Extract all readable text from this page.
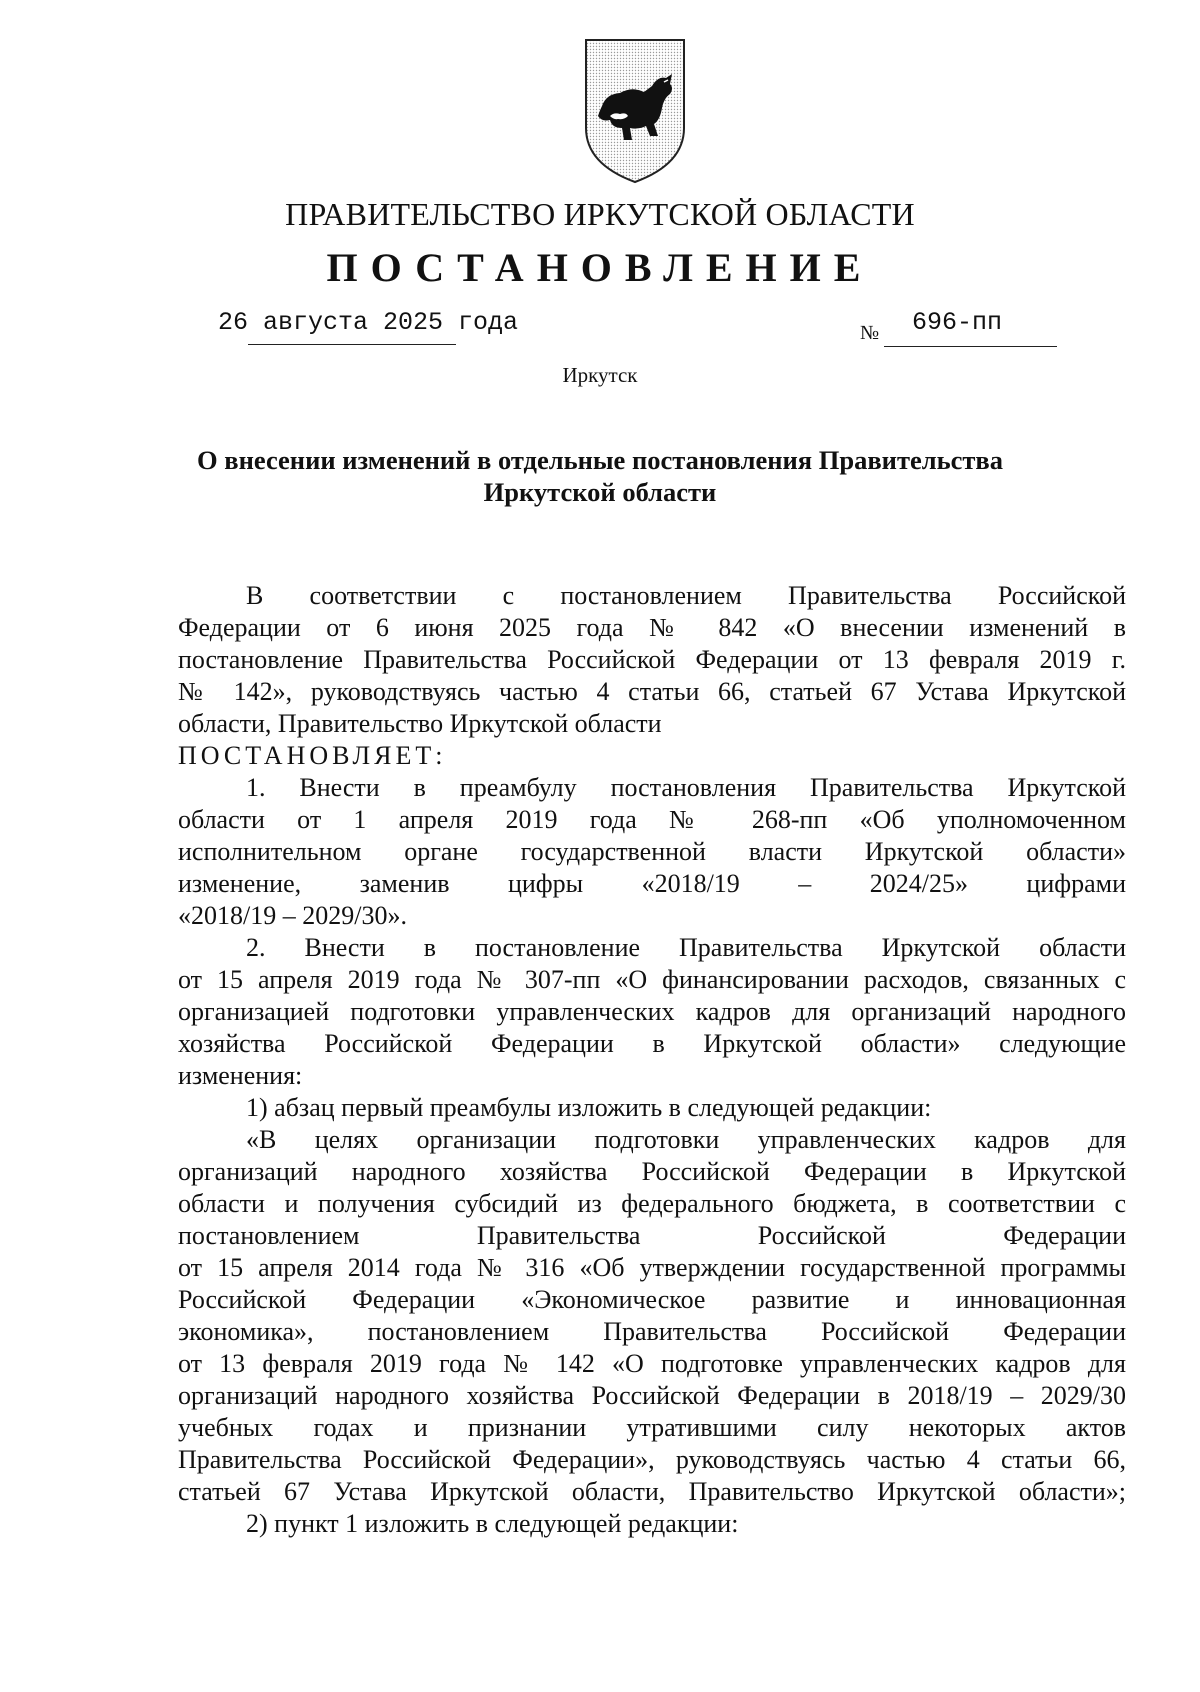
ПРАВИТЕЛЬСТВО ИРКУТСКОЙ ОБЛАСТИ
ПОСТАНОВЛЕНИЕ
26 августа 2025 года	№ 696-пп
Иркутск
О внесении изменений в отдельные постановления Правительства Иркутской области
В соответствии с постановлением Правительства Российской
Федерации от 6 июня 2025 года № 842 «О внесении изменений в
постановление Правительства Российской Федерации от 13 февраля 2019 г.
№ 142», руководствуясь частью 4 статьи 66, статьей 67 Устава Иркутской
области, Правительство Иркутской области
ПОСТАНОВЛЯЕТ:
1. Внести в преамбулу постановления Правительства Иркутской
области от 1 апреля 2019 года № 268-пп «Об уполномоченном
исполнительном органе государственной власти Иркутской области»
изменение, заменив цифры «2018/19 – 2024/25» цифрами
«2018/19 – 2029/30».
2. Внести в постановление Правительства Иркутской области
от 15 апреля 2019 года № 307-пп «О финансировании расходов, связанных с
организацией подготовки управленческих кадров для организаций народного
хозяйства Российской Федерации в Иркутской области» следующие
изменения:
1) абзац первый преамбулы изложить в следующей редакции:
«В целях организации подготовки управленческих кадров для
организаций народного хозяйства Российской Федерации в Иркутской
области и получения субсидий из федерального бюджета, в соответствии с
постановлением Правительства Российской Федерации
от 15 апреля 2014 года № 316 «Об утверждении государственной программы
Российской Федерации «Экономическое развитие и инновационная
экономика», постановлением Правительства Российской Федерации
от 13 февраля 2019 года № 142 «О подготовке управленческих кадров для
организаций народного хозяйства Российской Федерации в 2018/19 – 2029/30
учебных годах и признании утратившими силу некоторых актов
Правительства Российской Федерации», руководствуясь частью 4 статьи 66,
статьей 67 Устава Иркутской области, Правительство Иркутской области»;
2) пункт 1 изложить в следующей редакции:
